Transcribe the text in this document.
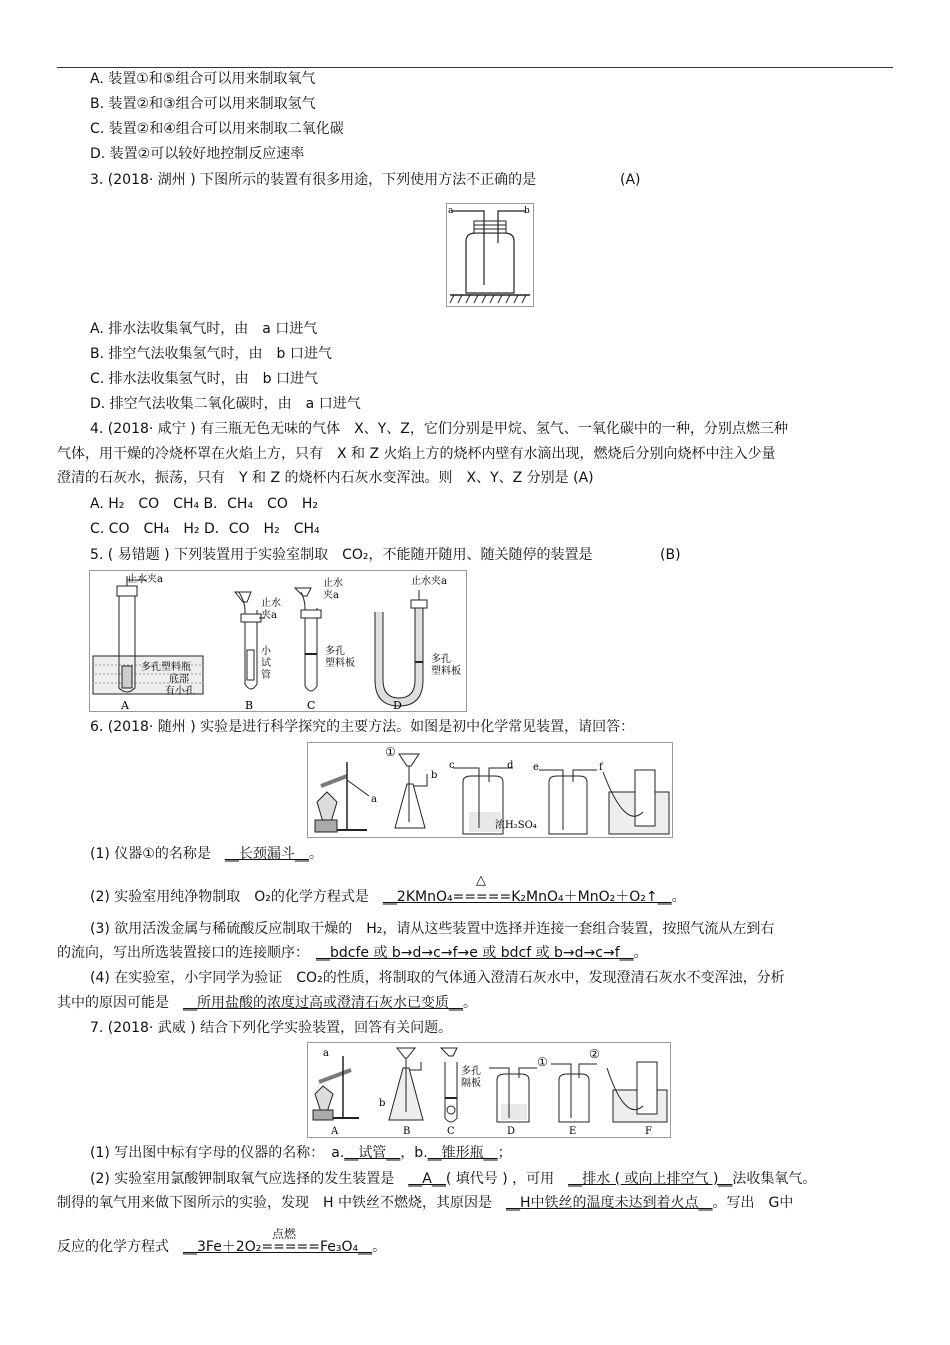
A. 装置①和⑤组合可以用来制取氧气
B. 装置②和③组合可以用来制取氢气
C. 装置②和④组合可以用来制取二氧化碳
D. 装置②可以较好地控制反应速率
3. (2018· 湖州 ) 下图所示的装置有很多用途，下列使用方法不正确的是	(A)
a	b
A. 排水法收集氧气时，由　a 口进气
B. 排空气法收集氢气时，由　b 口进气
C. 排水法收集氢气时，由　b 口进气
D. 排空气法收集二氧化碳时，由　a 口进气
4. (2018· 咸宁 ) 有三瓶无色无味的气体　X、Y、Z，它们分别是甲烷、氢气、一氧化碳中的一种，分别点燃三种
气体，用干燥的冷烧杯罩在火焰上方，只有　X 和 Z 火焰上方的烧杯内壁有水滴出现，燃烧后分别向烧杯中注入少量
澄清的石灰水，振荡，只有　Y 和 Z 的烧杯内石灰水变浑浊。则　X、Y、Z 分别是 (A)
A. H₂　CO　CH₄ B．CH₄　CO　H₂
C. CO　CH₄　H₂ D．CO　H₂　CH₄
5. ( 易错题 ) 下列装置用于实验室制取　CO₂，不能随开随用、随关随停的装置是	(B)
止水夹a
多孔塑料瓶
底部
有小孔
A
止水
夹a
小
试
管
B
止水
夹a
多孔
塑料板
C
止水夹a
多孔
塑料板
D
6. (2018· 随州 ) 实验是进行科学探究的主要方法。如图是初中化学常见装置，请回答：
a
①
b
c	d
浓H₂SO₄
e	f
(1) 仪器①的名称是　__长颈漏斗__。
△
(2) 实验室用纯净物制取　O₂的化学方程式是　__2KMnO₄=====K₂MnO₄＋MnO₂＋O₂↑__。
(3) 欲用活泼金属与稀硫酸反应制取干燥的　H₂，请从这些装置中选择并连接一套组合装置，按照气流从左到右
的流向，写出所选装置接口的连接顺序：　__bdcfe 或 b→d→c→f→e 或 bdcf 或 b→d→c→f__。
(4) 在实验室，小宇同学为验证　CO₂的性质，将制取的气体通入澄清石灰水中，发现澄清石灰水不变浑浊，分析
其中的原因可能是　__所用盐酸的浓度过高或澄清石灰水已变质__。
7. (2018· 武威 ) 结合下列化学实验装置，回答有关问题。
a
A
b
B
多孔
隔板
C	D
①
②
E	F
(1) 写出图中标有字母的仪器的名称：　a.__试管__，b.__锥形瓶__；
(2) 实验室用氯酸钾制取氧气应选择的发生装置是　__A__( 填代号 ) ，可用　__排水 ( 或向上排空气 )__法收集氧气。
制得的氧气用来做下图所示的实验，发现　H 中铁丝不燃烧，其原因是　__H中铁丝的温度未达到着火点__。写出　G中
点燃
反应的化学方程式　__3Fe＋2O₂=====Fe₃O₄__。
